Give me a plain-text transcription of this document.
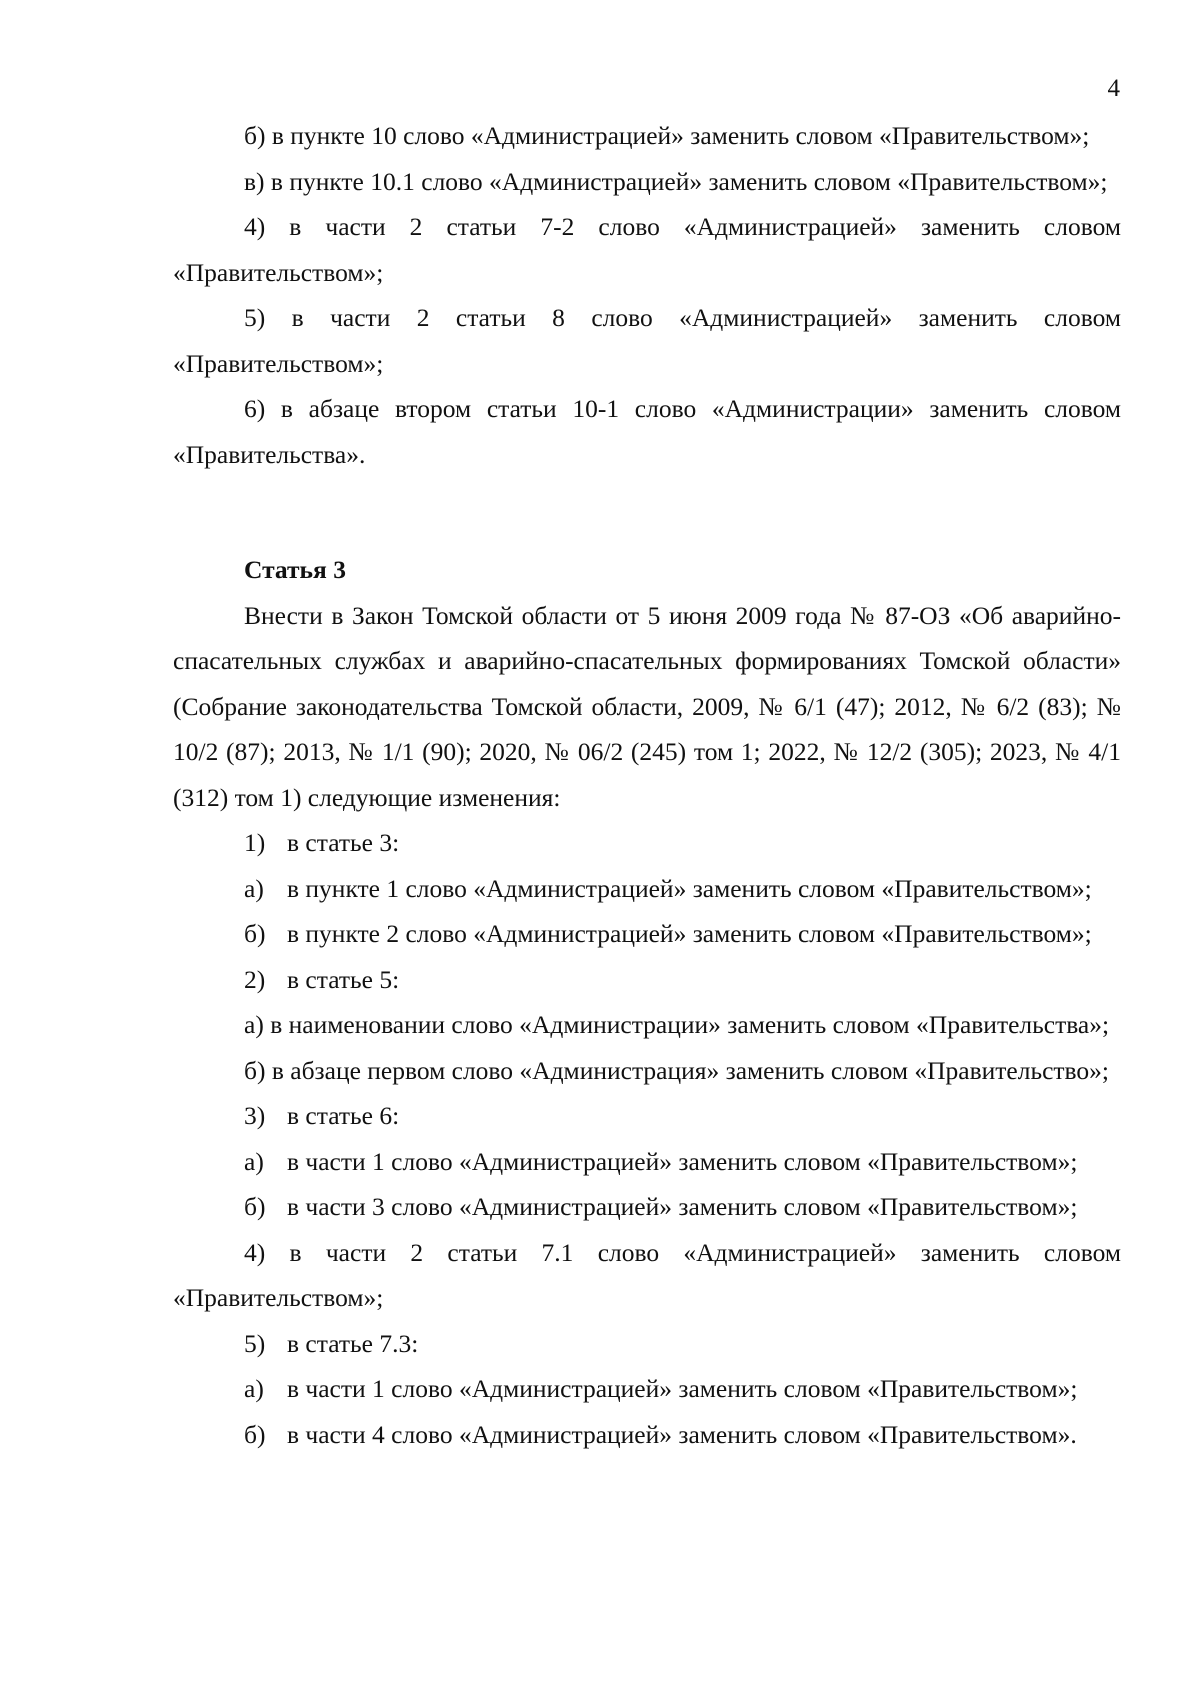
4

б) в пункте 10 слово «Администрацией» заменить словом «Правительством»;

в) в пункте 10.1 слово «Администрацией» заменить словом «Правительством»;

4) в части 2 статьи 7-2 слово «Администрацией» заменить словом «Правительством»;

5) в части 2 статьи 8 слово «Администрацией» заменить словом «Правительством»;

6) в абзаце втором статьи 10-1 слово «Администрации» заменить словом «Правительства».

Статья 3

Внести в Закон Томской области от 5 июня 2009 года № 87-ОЗ «Об аварийно-спасательных службах и аварийно-спасательных формированиях Томской области» (Собрание законодательства Томской области, 2009, № 6/1 (47); 2012, № 6/2 (83); № 10/2 (87); 2013, № 1/1 (90); 2020, № 06/2 (245) том 1; 2022, № 12/2 (305); 2023, № 4/1 (312) том 1) следующие изменения:

1) в статье 3:

а) в пункте 1 слово «Администрацией» заменить словом «Правительством»;

б) в пункте 2 слово «Администрацией» заменить словом «Правительством»;

2) в статье 5:

а) в наименовании слово «Администрации» заменить словом «Правительства»;

б) в абзаце первом слово «Администрация» заменить словом «Правительство»;

3) в статье 6:

а) в части 1 слово «Администрацией» заменить словом «Правительством»;

б) в части 3 слово «Администрацией» заменить словом «Правительством»;

4) в части 2 статьи 7.1 слово «Администрацией» заменить словом «Правительством»;

5) в статье 7.3:

а) в части 1 слово «Администрацией» заменить словом «Правительством»;

б) в части 4 слово «Администрацией» заменить словом «Правительством».
